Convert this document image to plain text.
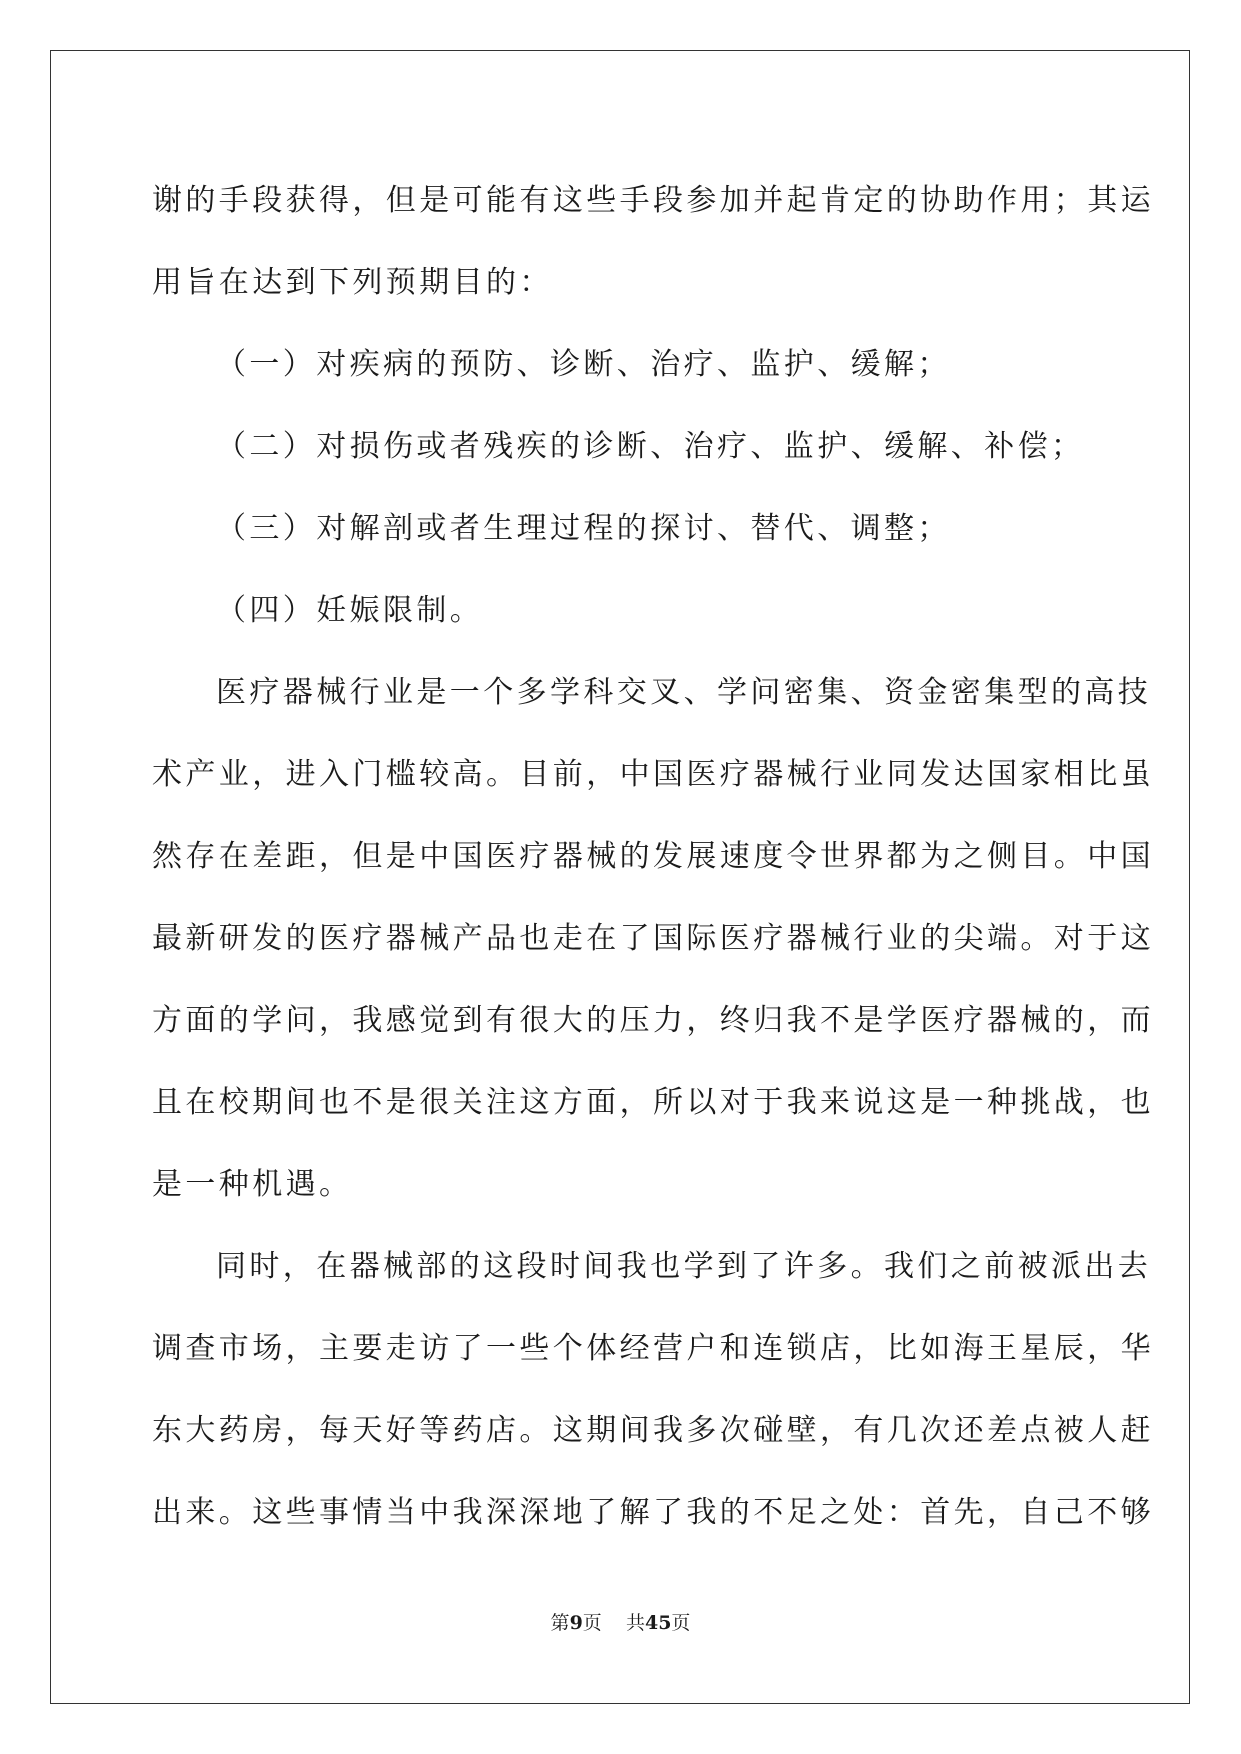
谢的手段获得，但是可能有这些手段参加并起肯定的协助作用；其运
用旨在达到下列预期目的：
（一）对疾病的预防、诊断、治疗、监护、缓解；
（二）对损伤或者残疾的诊断、治疗、监护、缓解、补偿；
（三）对解剖或者生理过程的探讨、替代、调整；
（四）妊娠限制。
医疗器械行业是一个多学科交叉、学问密集、资金密集型的高技
术产业，进入门槛较高。目前，中国医疗器械行业同发达国家相比虽
然存在差距，但是中国医疗器械的发展速度令世界都为之侧目。中国
最新研发的医疗器械产品也走在了国际医疗器械行业的尖端。对于这
方面的学问，我感觉到有很大的压力，终归我不是学医疗器械的，而
且在校期间也不是很关注这方面，所以对于我来说这是一种挑战，也
是一种机遇。
同时，在器械部的这段时间我也学到了许多。我们之前被派出去
调查市场，主要走访了一些个体经营户和连锁店，比如海王星辰，华
东大药房，每天好等药店。这期间我多次碰壁，有几次还差点被人赶
出来。这些事情当中我深深地了解了我的不足之处：首先，自己不够
第9页    共45页
